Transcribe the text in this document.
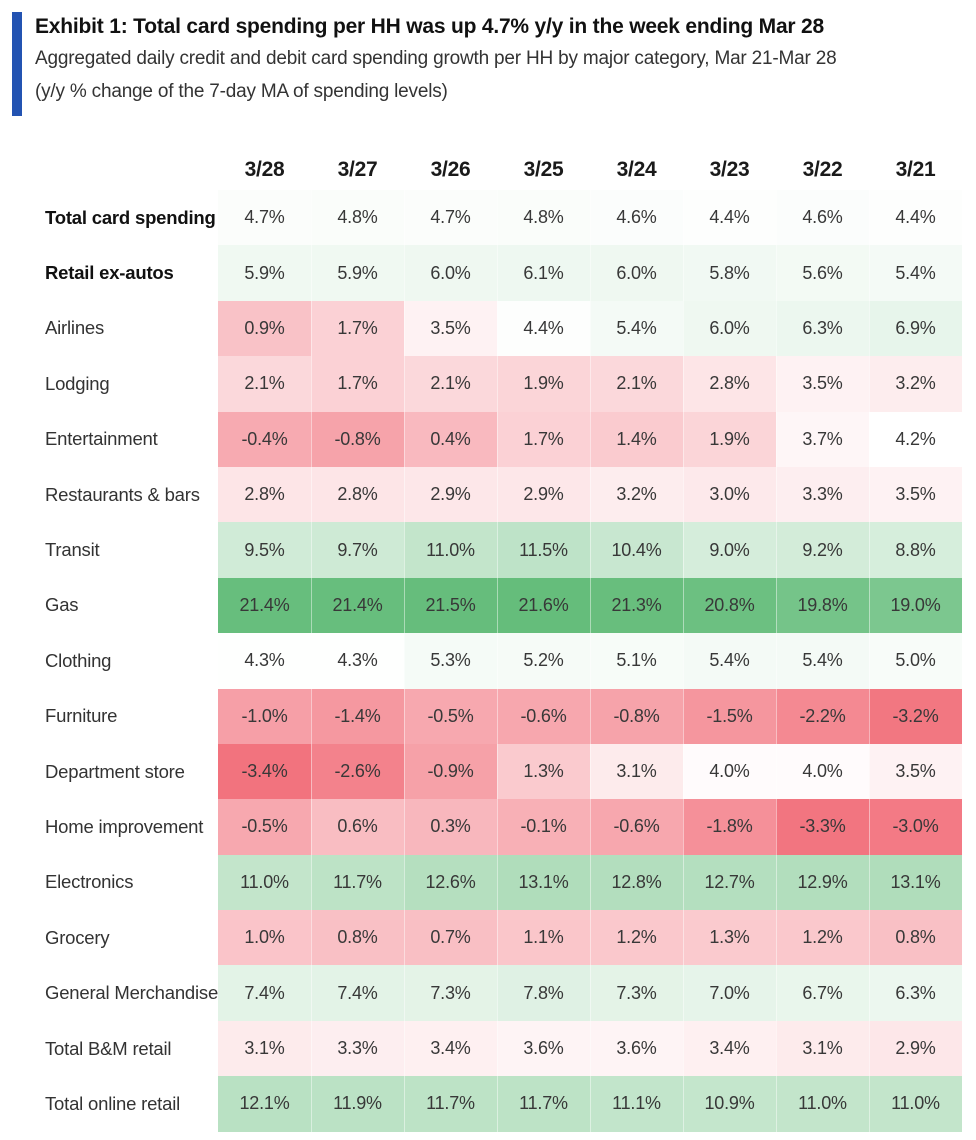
Exhibit 1: Total card spending per HH was up 4.7% y/y in the week ending Mar 28
Aggregated daily credit and debit card spending growth per HH by major category, Mar 21-Mar 28
(y/y % change of the 7-day MA of spending levels)
3/28	3/27	3/26	3/25	3/24	3/23	3/22	3/21
Total card spending	4.7%	4.8%	4.7%	4.8%	4.6%	4.4%	4.6%	4.4%
Retail ex-autos	5.9%	5.9%	6.0%	6.1%	6.0%	5.8%	5.6%	5.4%
Airlines	0.9%	1.7%	3.5%	4.4%	5.4%	6.0%	6.3%	6.9%
Lodging	2.1%	1.7%	2.1%	1.9%	2.1%	2.8%	3.5%	3.2%
Entertainment	-0.4%	-0.8%	0.4%	1.7%	1.4%	1.9%	3.7%	4.2%
Restaurants & bars	2.8%	2.8%	2.9%	2.9%	3.2%	3.0%	3.3%	3.5%
Transit	9.5%	9.7%	11.0%	11.5%	10.4%	9.0%	9.2%	8.8%
Gas	21.4%	21.4%	21.5%	21.6%	21.3%	20.8%	19.8%	19.0%
Clothing	4.3%	4.3%	5.3%	5.2%	5.1%	5.4%	5.4%	5.0%
Furniture	-1.0%	-1.4%	-0.5%	-0.6%	-0.8%	-1.5%	-2.2%	-3.2%
Department store	-3.4%	-2.6%	-0.9%	1.3%	3.1%	4.0%	4.0%	3.5%
Home improvement	-0.5%	0.6%	0.3%	-0.1%	-0.6%	-1.8%	-3.3%	-3.0%
Electronics	11.0%	11.7%	12.6%	13.1%	12.8%	12.7%	12.9%	13.1%
Grocery	1.0%	0.8%	0.7%	1.1%	1.2%	1.3%	1.2%	0.8%
General Merchandise	7.4%	7.4%	7.3%	7.8%	7.3%	7.0%	6.7%	6.3%
Total B&M retail	3.1%	3.3%	3.4%	3.6%	3.6%	3.4%	3.1%	2.9%
Total online retail	12.1%	11.9%	11.7%	11.7%	11.1%	10.9%	11.0%	11.0%
